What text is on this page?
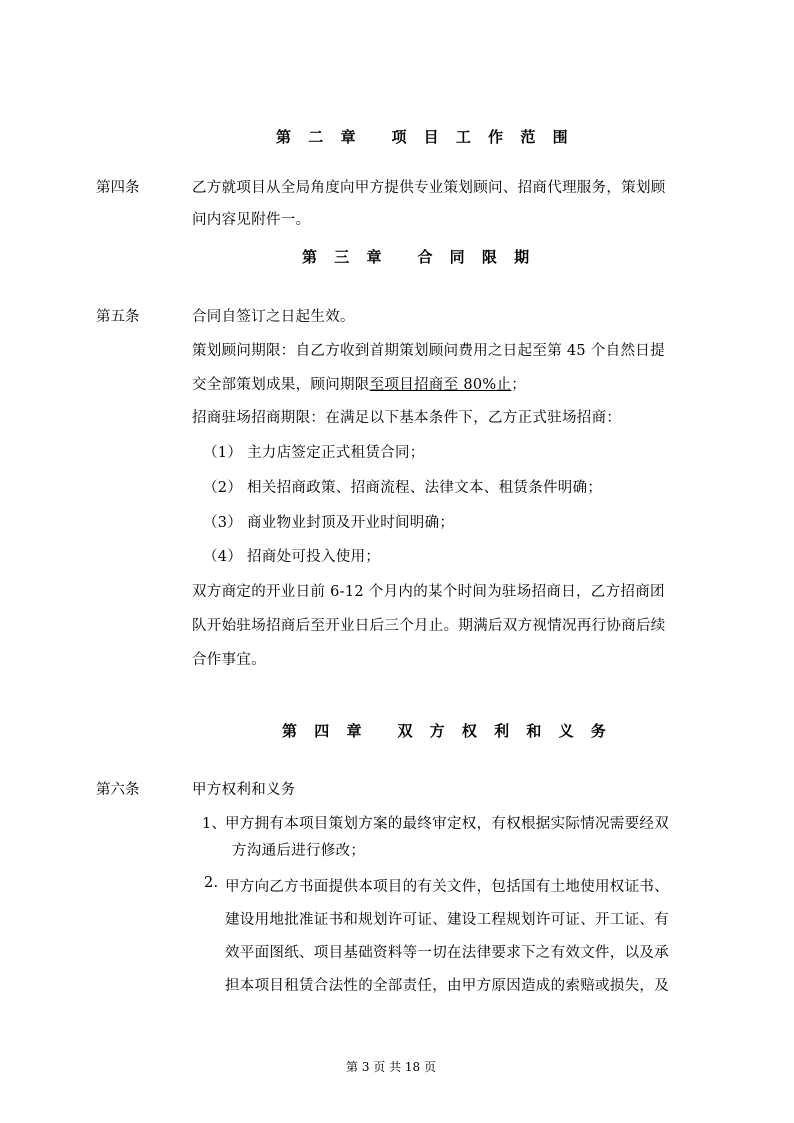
第 二 章 项 目 工 作 范 围
第四条	乙方就项目从全局角度向甲方提供专业策划顾问、招商代理服务，策划顾
问内容见附件一。
第 三 章 合 同 限 期
第五条	合同自签订之日起生效。
策划顾问期限：自乙方收到首期策划顾问费用之日起至第 45 个自然日提
交全部策划成果，顾问期限至项目招商至 80%止；
招商驻场招商期限：在满足以下基本条件下，乙方正式驻场招商：
（1） 主力店签定正式租赁合同；
（2） 相关招商政策、招商流程、法律文本、租赁条件明确；
（3） 商业物业封顶及开业时间明确；
（4） 招商处可投入使用；
双方商定的开业日前 6-12 个月内的某个时间为驻场招商日，乙方招商团
队开始驻场招商后至开业日后三个月止。期满后双方视情况再行协商后续
合作事宜。
第 四 章 双 方 权 利 和 义 务
第六条	甲方权利和义务
1、
甲方拥有本项目策划方案的最终审定权，有权根据实际情况需要经双
方沟通后进行修改；
2. 甲方向乙方书面提供本项目的有关文件，包括国有土地使用权证书、
建设用地批准证书和规划许可证、建设工程规划许可证、开工证、有
效平面图纸、项目基础资料等一切在法律要求下之有效文件，以及承
担本项目租赁合法性的全部责任，由甲方原因造成的索赔或损失，及
第 3 页 共 18 页
